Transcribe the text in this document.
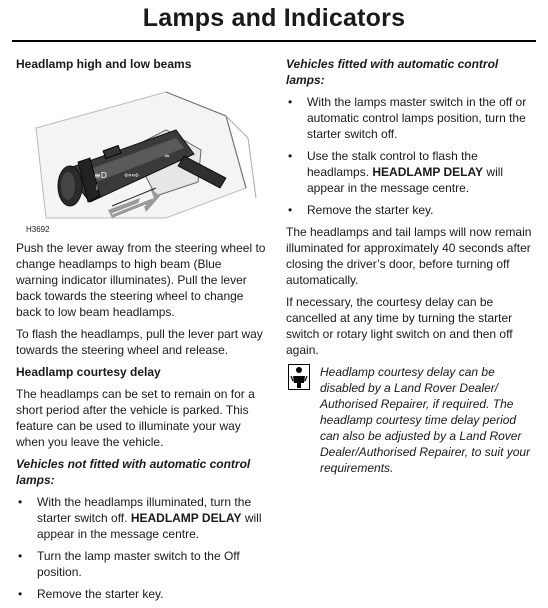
Lamps and Indicators
Headlamp high and low beams
≡D
i
⇦⇨
≈
H3692

Push the lever away from the steering wheel to change headlamps to high beam (Blue warning indicator illuminates). Pull the lever back towards the steering wheel to change back to low beam headlamps.

To flash the headlamps, pull the lever part way towards the steering wheel and release.

Headlamp courtesy delay

The headlamps can be set to remain on for a short period after the vehicle is parked. This feature can be used to illuminate your way when you leave the vehicle.

Vehicles not fitted with automatic control lamps:
• With the headlamps illuminated, turn the starter switch off. HEADLAMP DELAY will appear in the message centre.
• Turn the lamp master switch to the Off position.
• Remove the starter key.
Vehicles fitted with automatic control lamps:
• With the lamps master switch in the off or automatic control lamps position, turn the starter switch off.
• Use the stalk control to flash the headlamps. HEADLAMP DELAY will appear in the message centre.
• Remove the starter key.

The headlamps and tail lamps will now remain illuminated for approximately 40 seconds after closing the driver’s door, before turning off automatically.

If necessary, the courtesy delay can be cancelled at any time by turning the starter switch or rotary light switch on and then off again.

Headlamp courtesy delay can be disabled by a Land Rover Dealer/ Authorised Repairer, if required. The headlamp courtesy time delay period can also be adjusted by a Land Rover Dealer/Authorised Repairer, to suit your requirements.
